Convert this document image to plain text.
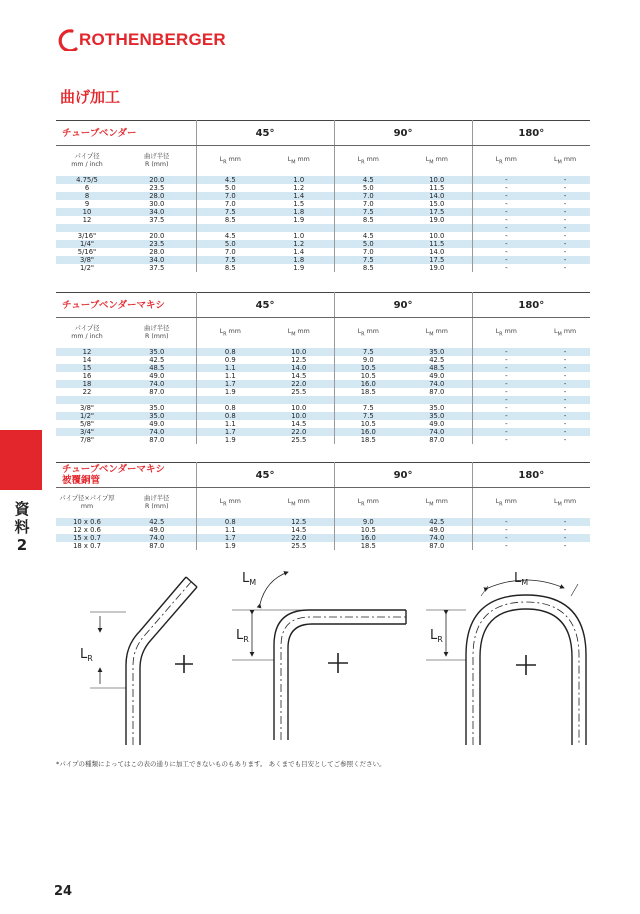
ROTHENBERGER
曲げ加工
資
料
2
チューブベンダー		45°		90°		180°	
パイプ径
mm / inch	曲げ半径
R (mm)	$L_R$ mm	$L_M$ mm	$L_R$ mm	$L_M$ mm	$L_R$ mm	$L_M$ mm
4.75/5	20.0	4.5	1.0	4.5	10.0	-	-
6	23.5	5.0	1.2	5.0	11.5	-	-
8	28.0	7.0	1.4	7.0	14.0	-	-
9	30.0	7.0	1.5	7.0	15.0	-	-
10	34.0	7.5	1.8	7.5	17.5	-	-
12	37.5	8.5	1.9	8.5	19.0	-	-
						-	-
3/16"	20.0	4.5	1.0	4.5	10.0	-	-
1/4"	23.5	5.0	1.2	5.0	11.5	-	-
5/16"	28.0	7.0	1.4	7.0	14.0	-	-
3/8"	34.0	7.5	1.8	7.5	17.5	-	-
1/2"	37.5	8.5	1.9	8.5	19.0	-	-
チューブベンダーマキシ		45°		90°		180°	
パイプ径
mm / inch	曲げ半径
R (mm)	$L_R$ mm	$L_M$ mm	$L_R$ mm	$L_M$ mm	$L_R$ mm	$L_M$ mm
12	35.0	0.8	10.0	7.5	35.0	-	-
14	42.5	0.9	12.5	9.0	42.5	-	-
15	48.5	1.1	14.0	10.5	48.5	-	-
16	49.0	1.1	14.5	10.5	49.0	-	-
18	74.0	1.7	22.0	16.0	74.0	-	-
22	87.0	1.9	25.5	18.5	87.0	-	-
						-	-
3/8"	35.0	0.8	10.0	7.5	35.0	-	-
1/2"	35.0	0.8	10.0	7.5	35.0	-	-
5/8"	49.0	1.1	14.5	10.5	49.0	-	-
3/4"	74.0	1.7	22.0	16.0	74.0	-	-
7/8"	87.0	1.9	25.5	18.5	87.0	-	-
チューブベンダーマキシ
被覆銅管		45°		90°		180°	
パイプ径×パイプ厚
mm	曲げ半径
R (mm)	$L_R$ mm	$L_M$ mm	$L_R$ mm	$L_M$ mm	$L_R$ mm	$L_M$ mm
10 x 0.6	42.5	0.8	12.5	9.0	42.5	-	-
12 x 0.6	49.0	1.1	14.5	10.5	49.0	-	-
15 x 0.7	74.0	1.7	22.0	16.0	74.0	-	-
18 x 0.7	87.0	1.9	25.5	18.5	87.0	-	-
$L_R$
$L_R$
$L_M$
$L_R$
$L_M$
*パイプの種類によってはこの表の通りに加工できないものもあります。 あくまでも目安としてご参照ください。
24
